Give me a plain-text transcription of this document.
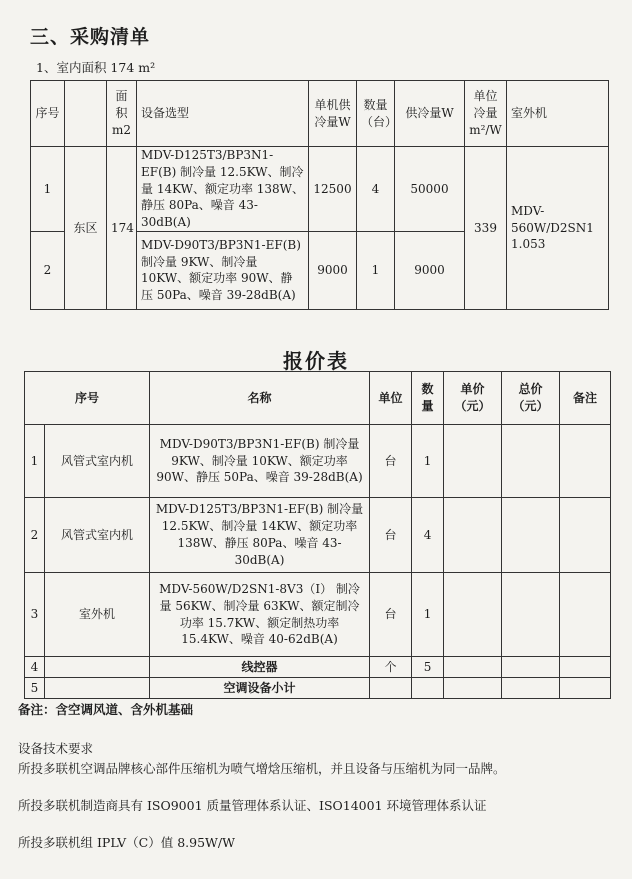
三、采购清单
1、室内面积 174 m²
序号		面积m2	设备选型	单机供冷量W	数量（台）	供冷量W	单位冷量m²/W	室外机
1	东区	174	MDV-D125T3/BP3N1-EF(B) 制冷量 12.5KW、制冷量 14KW、额定功率 138W、静压 80Pa、噪音 43-30dB(A)	12500	4	50000	339	MDV-560W/D2SN1 1.053
2			MDV-D90T3/BP3N1-EF(B) 制冷量 9KW、制冷量 10KW、额定功率 90W、静压 50Pa、噪音 39-28dB(A)	9000	1	9000		
报价表
序号		名称	单位	数量	单价（元）	总价（元）	备注
1	风管式室内机	MDV-D90T3/BP3N1-EF(B) 制冷量 9KW、制冷量 10KW、额定功率 90W、静压 50Pa、噪音 39-28dB(A)	台	1			
2	风管式室内机	MDV-D125T3/BP3N1-EF(B) 制冷量 12.5KW、制冷量 14KW、额定功率 138W、静压 80Pa、噪音 43-30dB(A)	台	4			
3	室外机	MDV-560W/D2SN1-8V3（I） 制冷量 56KW、制冷量 63KW、额定制冷功率 15.7KW、额定制热功率 15.4KW、噪音 40-62dB(A)	台	1			
4		线控器	个	5			
5		空调设备小计					
备注：含空调风道、含外机基础
设备技术要求
所投多联机空调品牌核心部件压缩机为喷气增焓压缩机，并且设备与压缩机为同一品牌。
所投多联机制造商具有 ISO9001 质量管理体系认证、ISO14001 环境管理体系认证
所投多联机组 IPLV（C）值 8.95W/W
